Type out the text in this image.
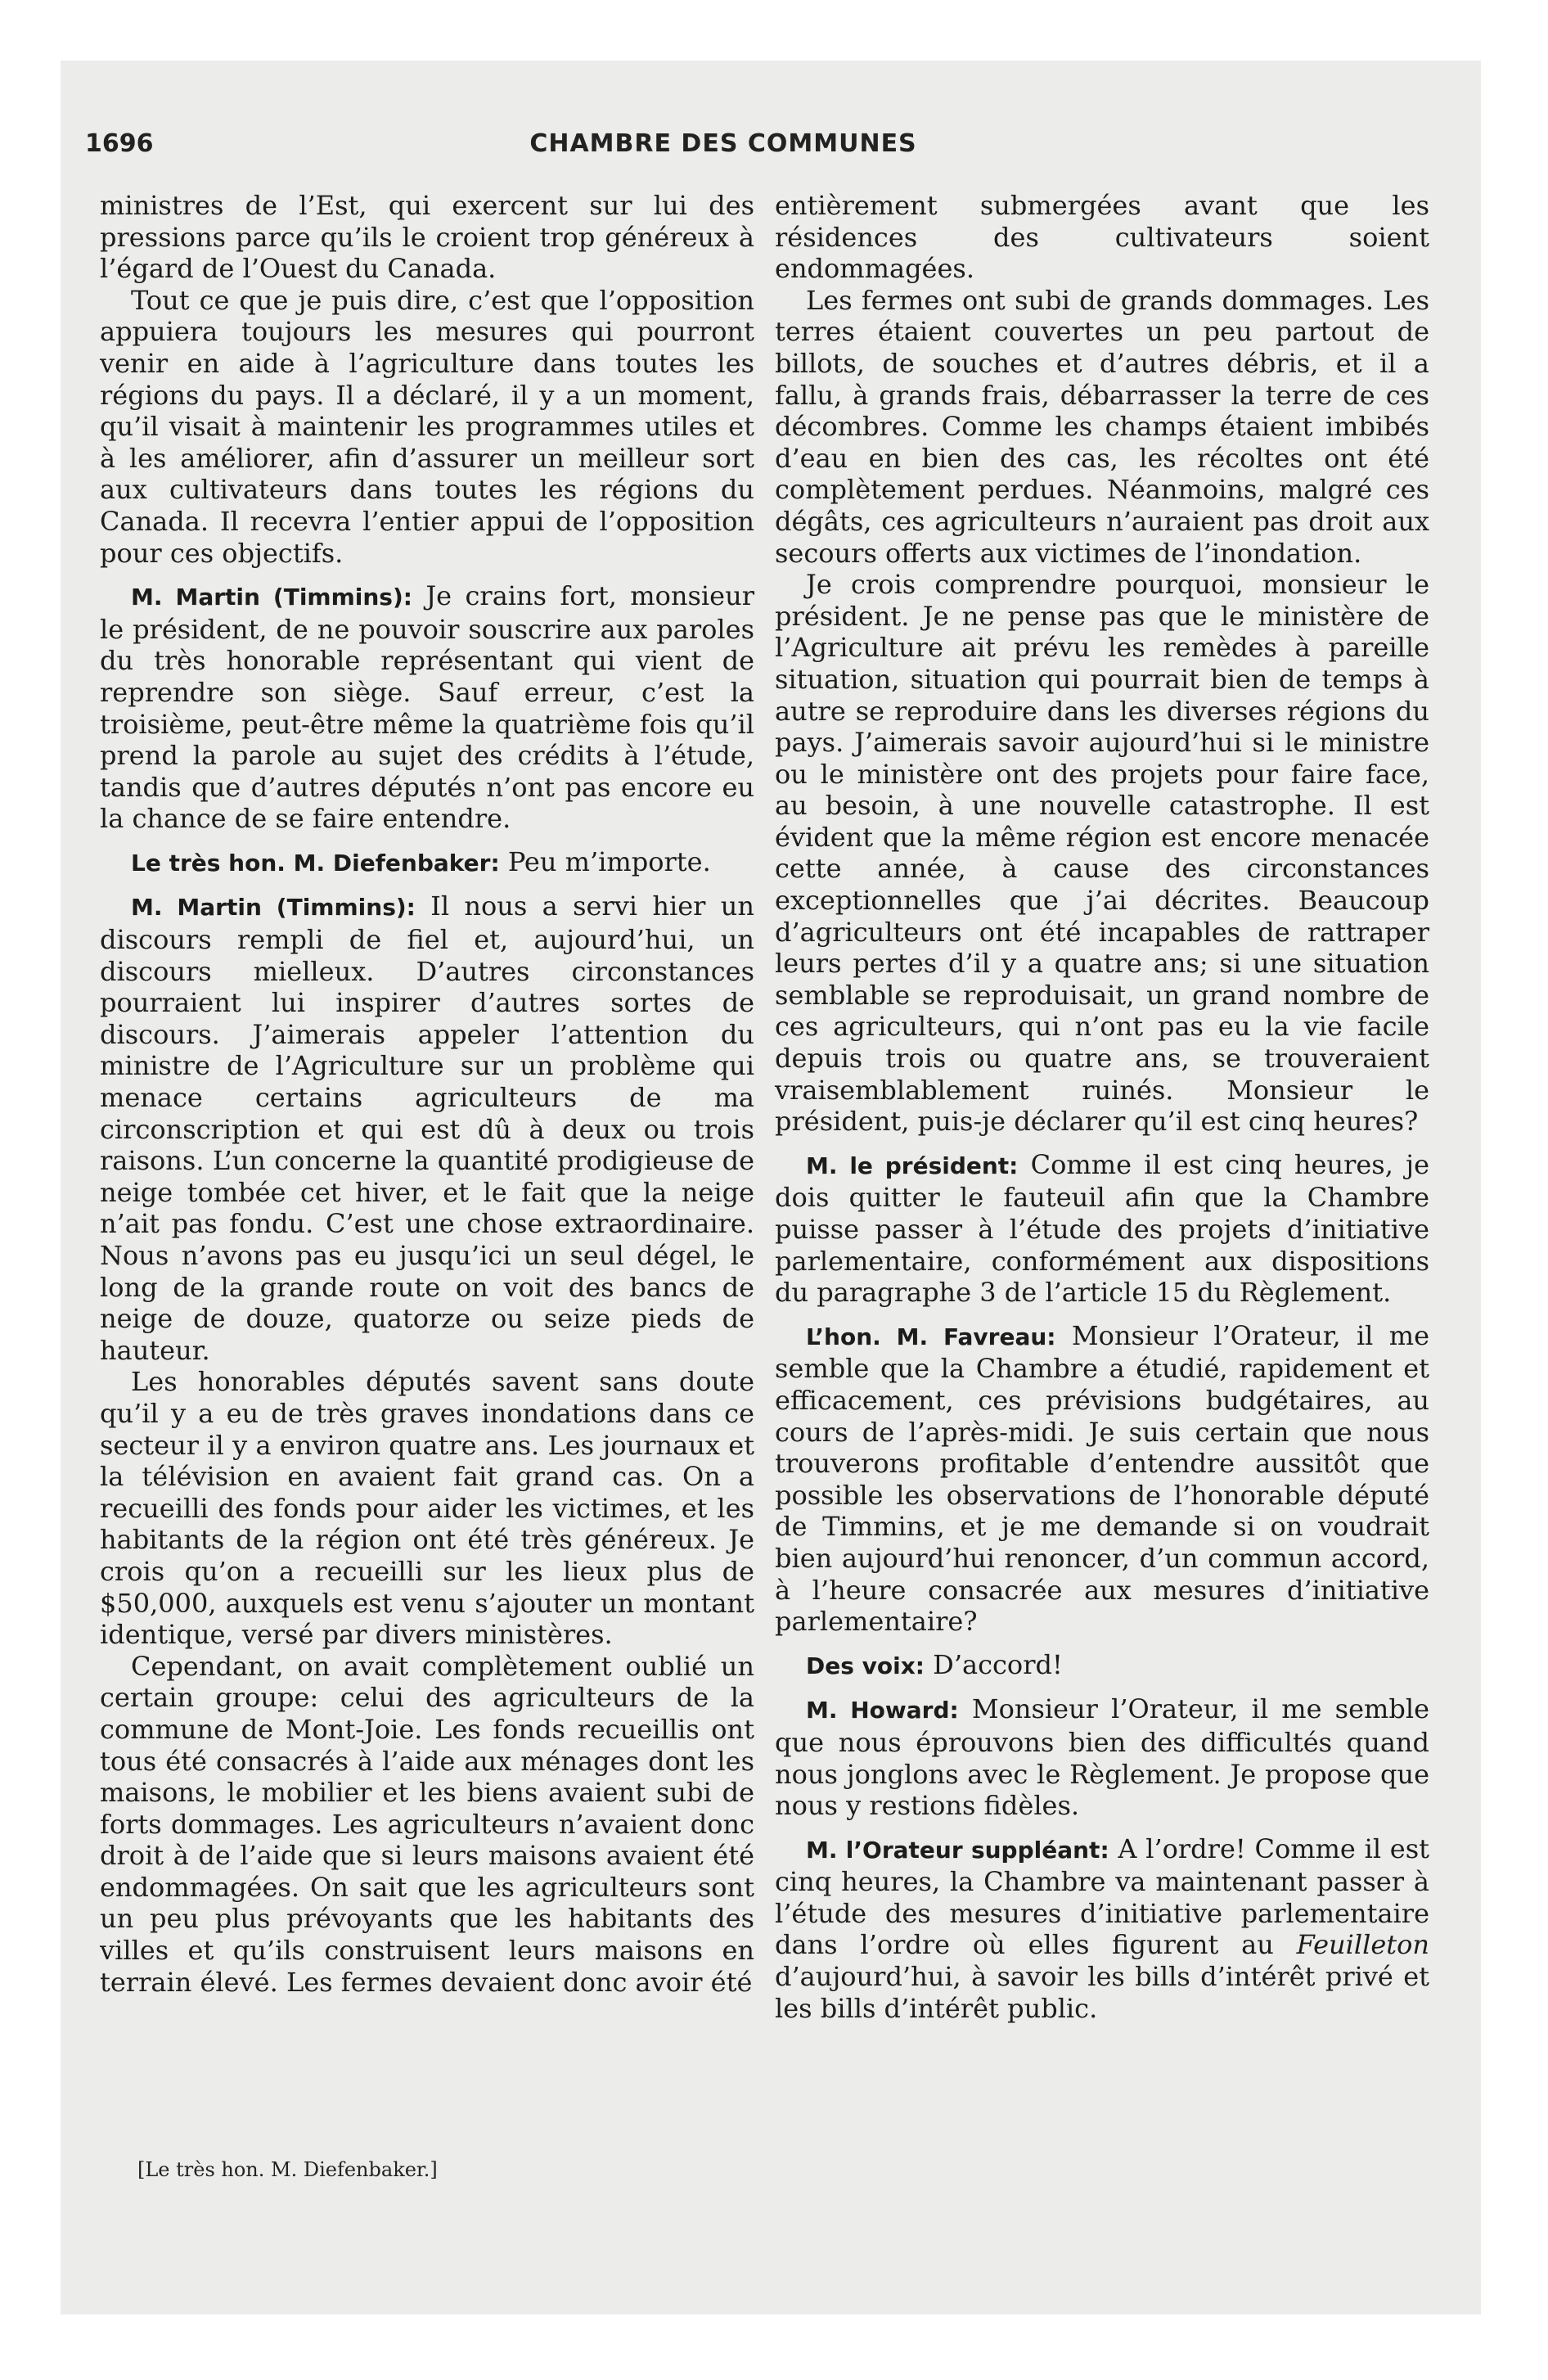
1696	CHAMBRE DES COMMUNES

ministres de l’Est, qui exercent sur lui des pressions parce qu’ils le croient trop généreux à l’égard de l’Ouest du Canada.

Tout ce que je puis dire, c’est que l’opposition appuiera toujours les mesures qui pourront venir en aide à l’agriculture dans toutes les régions du pays. Il a déclaré, il y a un moment, qu’il visait à maintenir les programmes utiles et à les améliorer, afin d’assurer un meilleur sort aux cultivateurs dans toutes les régions du Canada. Il recevra l’entier appui de l’opposition pour ces objectifs.

M. Martin (Timmins): Je crains fort, monsieur le président, de ne pouvoir souscrire aux paroles du très honorable représentant qui vient de reprendre son siège. Sauf erreur, c’est la troisième, peut-être même la quatrième fois qu’il prend la parole au sujet des crédits à l’étude, tandis que d’autres députés n’ont pas encore eu la chance de se faire entendre.

Le très hon. M. Diefenbaker: Peu m’importe.

M. Martin (Timmins): Il nous a servi hier un discours rempli de fiel et, aujourd’hui, un discours mielleux. D’autres circonstances pourraient lui inspirer d’autres sortes de discours. J’aimerais appeler l’attention du ministre de l’Agriculture sur un problème qui menace certains agriculteurs de ma circonscription et qui est dû à deux ou trois raisons. L’un concerne la quantité prodigieuse de neige tombée cet hiver, et le fait que la neige n’ait pas fondu. C’est une chose extraordinaire. Nous n’avons pas eu jusqu’ici un seul dégel, le long de la grande route on voit des bancs de neige de douze, quatorze ou seize pieds de hauteur.

Les honorables députés savent sans doute qu’il y a eu de très graves inondations dans ce secteur il y a environ quatre ans. Les journaux et la télévision en avaient fait grand cas. On a recueilli des fonds pour aider les victimes, et les habitants de la région ont été très généreux. Je crois qu’on a recueilli sur les lieux plus de $50,000, auxquels est venu s’ajouter un montant identique, versé par divers ministères.

Cependant, on avait complètement oublié un certain groupe: celui des agriculteurs de la commune de Mont-Joie. Les fonds recueillis ont tous été consacrés à l’aide aux ménages dont les maisons, le mobilier et les biens avaient subi de forts dommages. Les agriculteurs n’avaient donc droit à de l’aide que si leurs maisons avaient été endommagées. On sait que les agriculteurs sont un peu plus prévoyants que les habitants des villes et qu’ils construisent leurs maisons en terrain élevé. Les fermes devaient donc avoir été

entièrement submergées avant que les résidences des cultivateurs soient endommagées.

Les fermes ont subi de grands dommages. Les terres étaient couvertes un peu partout de billots, de souches et d’autres débris, et il a fallu, à grands frais, débarrasser la terre de ces décombres. Comme les champs étaient imbibés d’eau en bien des cas, les récoltes ont été complètement perdues. Néanmoins, malgré ces dégâts, ces agriculteurs n’auraient pas droit aux secours offerts aux victimes de l’inondation.

Je crois comprendre pourquoi, monsieur le président. Je ne pense pas que le ministère de l’Agriculture ait prévu les remèdes à pareille situation, situation qui pourrait bien de temps à autre se reproduire dans les diverses régions du pays. J’aimerais savoir aujourd’hui si le ministre ou le ministère ont des projets pour faire face, au besoin, à une nouvelle catastrophe. Il est évident que la même région est encore menacée cette année, à cause des circonstances exceptionnelles que j’ai décrites. Beaucoup d’agriculteurs ont été incapables de rattraper leurs pertes d’il y a quatre ans; si une situation semblable se reproduisait, un grand nombre de ces agriculteurs, qui n’ont pas eu la vie facile depuis trois ou quatre ans, se trouveraient vraisemblablement ruinés. Monsieur le président, puis-je déclarer qu’il est cinq heures?

M. le président: Comme il est cinq heures, je dois quitter le fauteuil afin que la Chambre puisse passer à l’étude des projets d’initiative parlementaire, conformément aux dispositions du paragraphe 3 de l’article 15 du Règlement.

L’hon. M. Favreau: Monsieur l’Orateur, il me semble que la Chambre a étudié, rapidement et efficacement, ces prévisions budgétaires, au cours de l’après-midi. Je suis certain que nous trouverons profitable d’entendre aussitôt que possible les observations de l’honorable député de Timmins, et je me demande si on voudrait bien aujourd’hui renoncer, d’un commun accord, à l’heure consacrée aux mesures d’initiative parlementaire?

Des voix: D’accord!

M. Howard: Monsieur l’Orateur, il me semble que nous éprouvons bien des difficultés quand nous jonglons avec le Règlement. Je propose que nous y restions fidèles.

M. l’Orateur suppléant: A l’ordre! Comme il est cinq heures, la Chambre va maintenant passer à l’étude des mesures d’initiative parlementaire dans l’ordre où elles figurent au Feuilleton d’aujourd’hui, à savoir les bills d’intérêt privé et les bills d’intérêt public.

[Le très hon. M. Diefenbaker.]
